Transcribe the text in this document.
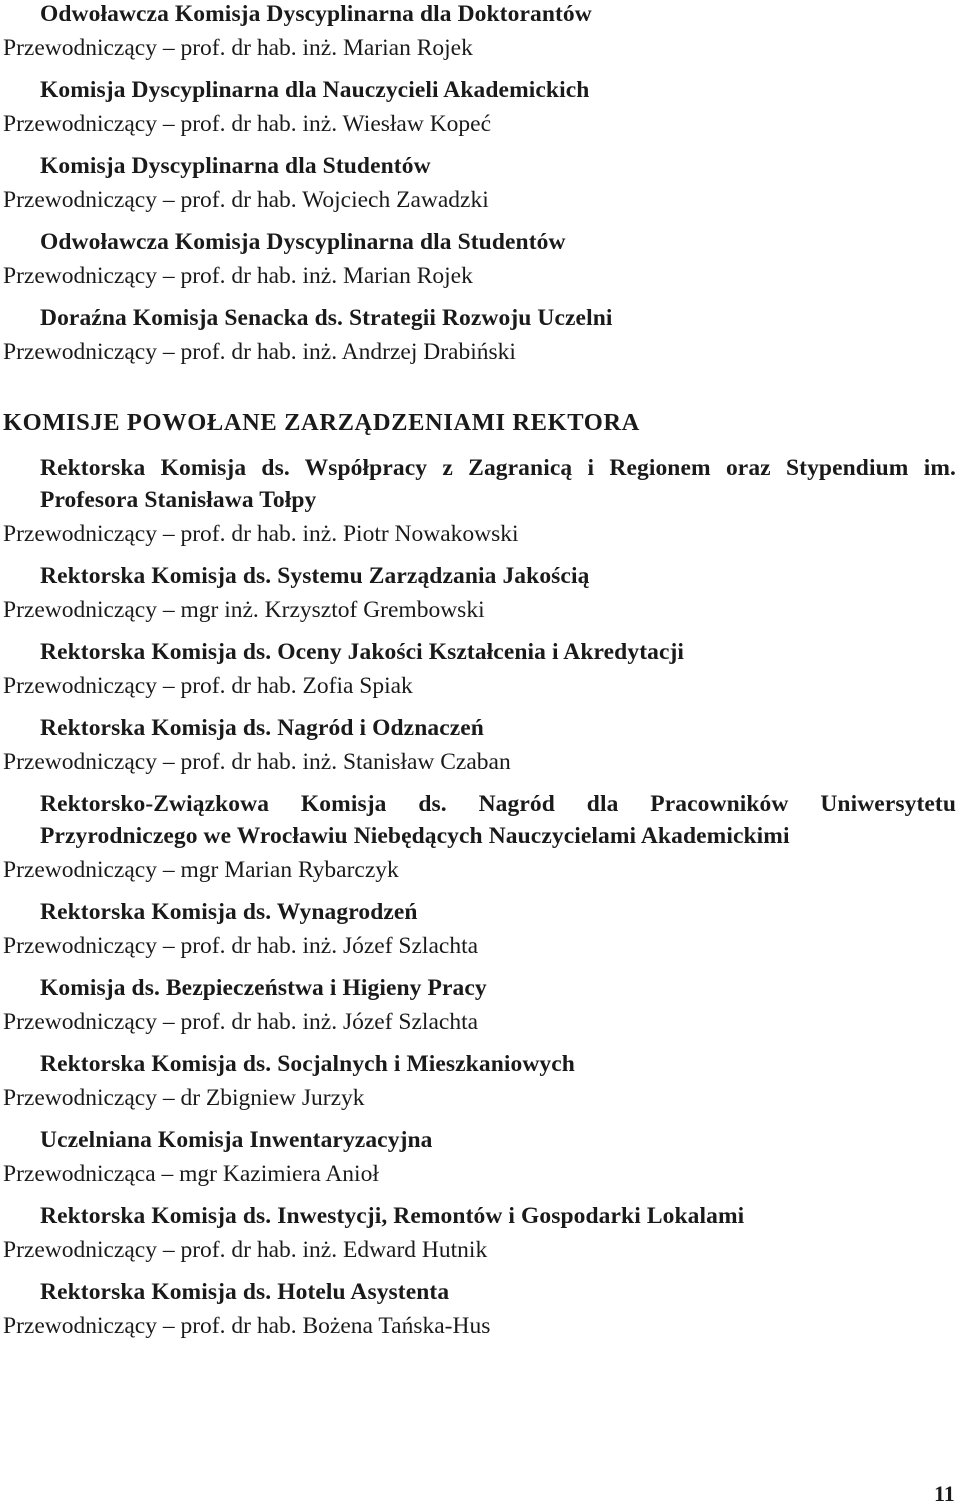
Odwoławcza Komisja Dyscyplinarna dla Doktorantów
Przewodniczący – prof. dr hab. inż. Marian Rojek
Komisja Dyscyplinarna dla Nauczycieli Akademickich
Przewodniczący – prof. dr hab. inż. Wiesław Kopeć
Komisja Dyscyplinarna dla Studentów
Przewodniczący – prof. dr hab. Wojciech Zawadzki
Odwoławcza Komisja Dyscyplinarna dla Studentów
Przewodniczący – prof. dr hab. inż. Marian Rojek
Doraźna Komisja Senacka ds. Strategii Rozwoju Uczelni
Przewodniczący – prof. dr hab. inż. Andrzej Drabiński
KOMISJE POWOŁANE ZARZĄDZENIAMI REKTORA
Rektorska Komisja ds. Współpracy z Zagranicą i Regionem oraz Stypendium im. Profesora Stanisława Tołpy
Przewodniczący – prof. dr hab. inż. Piotr Nowakowski
Rektorska Komisja ds. Systemu Zarządzania Jakością
Przewodniczący – mgr inż. Krzysztof Grembowski
Rektorska Komisja ds. Oceny Jakości Kształcenia i Akredytacji
Przewodniczący – prof. dr hab. Zofia Spiak
Rektorska Komisja ds. Nagród i Odznaczeń
Przewodniczący – prof. dr hab. inż. Stanisław Czaban
Rektorsko-Związkowa Komisja ds. Nagród dla Pracowników Uniwersytetu Przyrodniczego we Wrocławiu Niebędących Nauczycielami Akademickimi
Przewodniczący – mgr Marian Rybarczyk
Rektorska Komisja ds. Wynagrodzeń
Przewodniczący – prof. dr hab. inż. Józef Szlachta
Komisja ds. Bezpieczeństwa i Higieny Pracy
Przewodniczący – prof. dr hab. inż. Józef Szlachta
Rektorska Komisja ds. Socjalnych i Mieszkaniowych
Przewodniczący – dr Zbigniew Jurzyk
Uczelniana Komisja Inwentaryzacyjna
Przewodnicząca – mgr Kazimiera Anioł
Rektorska Komisja ds. Inwestycji, Remontów i Gospodarki Lokalami
Przewodniczący – prof. dr hab. inż. Edward Hutnik
Rektorska Komisja ds. Hotelu Asystenta
Przewodniczący – prof. dr hab. Bożena Tańska-Hus
11
